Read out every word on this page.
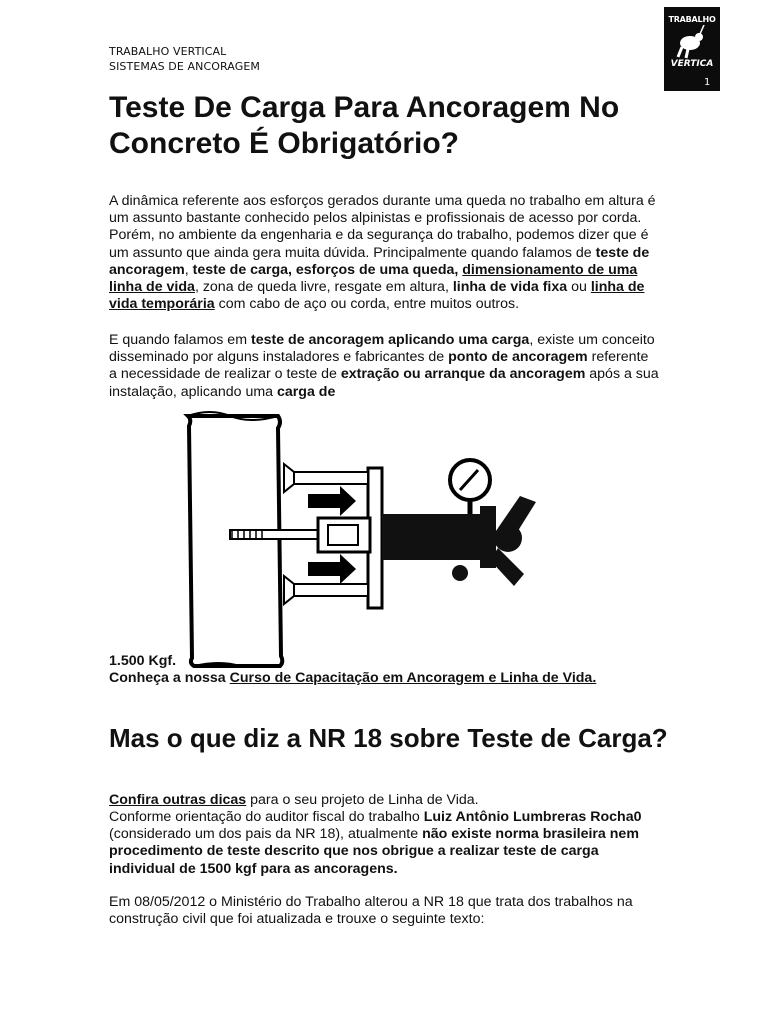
TRABALHO VERTICAL
SISTEMAS DE ANCORAGEM
TRABALHO
VERTICA
1
Teste De Carga Para Ancoragem No Concreto É Obrigatório?
A dinâmica referente aos esforços gerados durante uma queda no trabalho em altura é um assunto bastante conhecido pelos alpinistas e profissionais de acesso por corda. Porém, no ambiente da engenharia e da segurança do trabalho, podemos dizer que é um assunto que ainda gera muita dúvida. Principalmente quando falamos de teste de ancoragem, teste de carga, esforços de uma queda, dimensionamento de uma linha de vida, zona de queda livre, resgate em altura, linha de vida fixa ou linha de vida temporária com cabo de aço ou corda, entre muitos outros.
E quando falamos em teste de ancoragem aplicando uma carga, existe um conceito disseminado por alguns instaladores e fabricantes de ponto de ancoragem referente a necessidade de realizar o teste de extração ou arranque da ancoragem após a sua instalação, aplicando uma carga de
1.500 Kgf.
Conheça a nossa Curso de Capacitação em Ancoragem e Linha de Vida.
Mas o que diz a NR 18 sobre Teste de Carga?
Confira outras dicas para o seu projeto de Linha de Vida.
Conforme orientação do auditor fiscal do trabalho Luiz Antônio Lumbreras Rocha0 (considerado um dos pais da NR 18), atualmente não existe norma brasileira nem procedimento de teste descrito que nos obrigue a realizar teste de carga individual de 1500 kgf para as ancoragens.
Em 08/05/2012 o Ministério do Trabalho alterou a NR 18 que trata dos trabalhos na construção civil que foi atualizada e trouxe o seguinte texto:
